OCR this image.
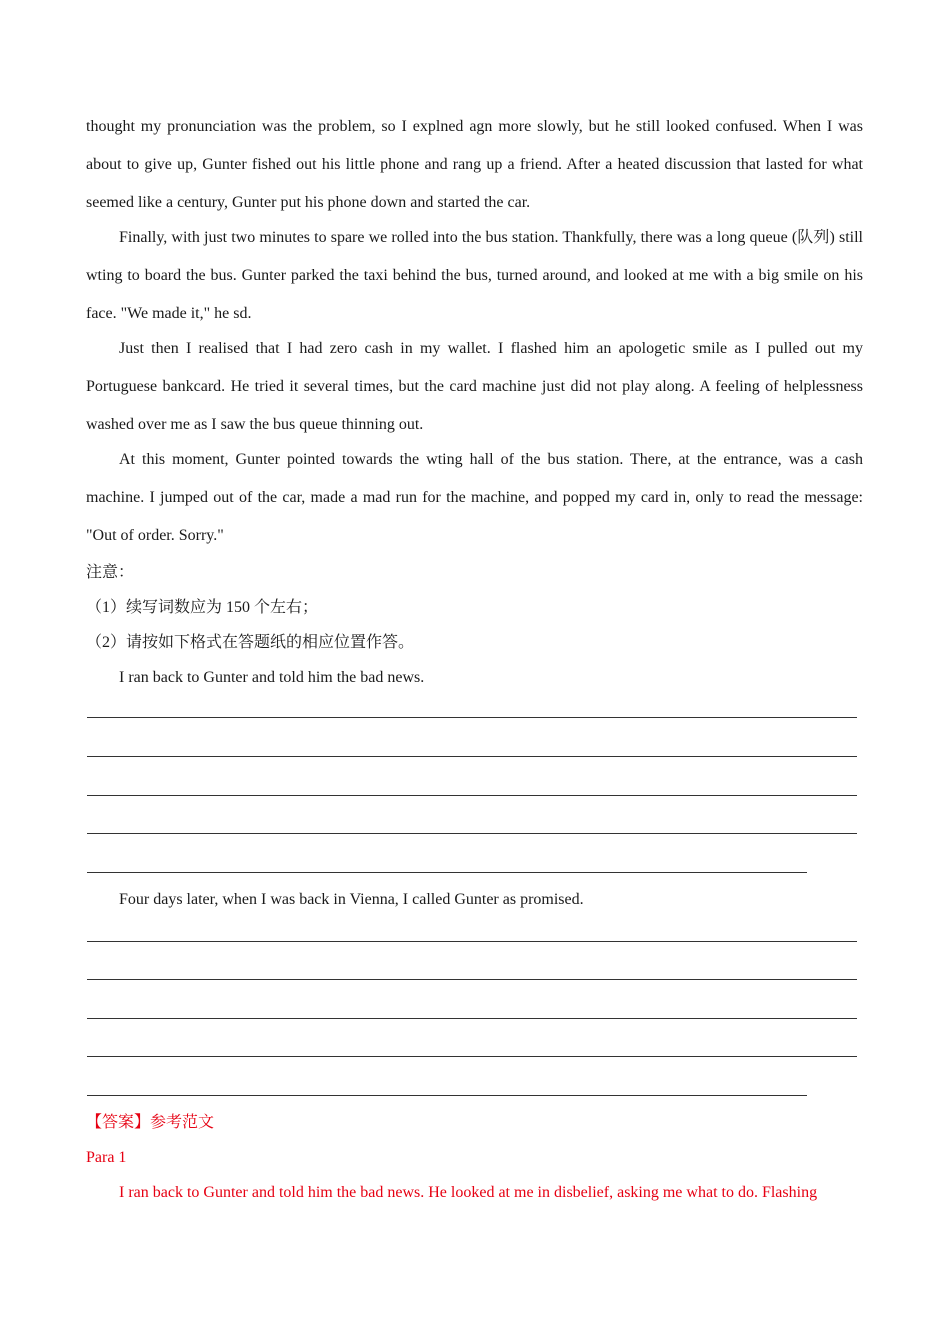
thought my pronunciation was the problem, so I explned agn more slowly, but he still looked confused. When I was about to give up, Gunter fished out his little phone and rang up a friend. After a heated discussion that lasted for what seemed like a century, Gunter put his phone down and started the car.

Finally, with just two minutes to spare we rolled into the bus station. Thankfully, there was a long queue (队列) still wting to board the bus. Gunter parked the taxi behind the bus, turned around, and looked at me with a big smile on his face. "We made it," he sd.

Just then I realised that I had zero cash in my wallet. I flashed him an apologetic smile as I pulled out my Portuguese bankcard. He tried it several times, but the card machine just did not play along. A feeling of helplessness washed over me as I saw the bus queue thinning out.

At this moment, Gunter pointed towards the wting hall of the bus station. There, at the entrance, was a cash machine. I jumped out of the car, made a mad run for the machine, and popped my card in, only to read the message: "Out of order. Sorry."

注意：

（1）续写词数应为 150 个左右；

（2）请按如下格式在答题纸的相应位置作答。

I ran back to Gunter and told him the bad news.

Four days later, when I was back in Vienna, I called Gunter as promised.

【答案】参考范文

Para 1

I ran back to Gunter and told him the bad news. He looked at me in disbelief, asking me what to do. Flashing
